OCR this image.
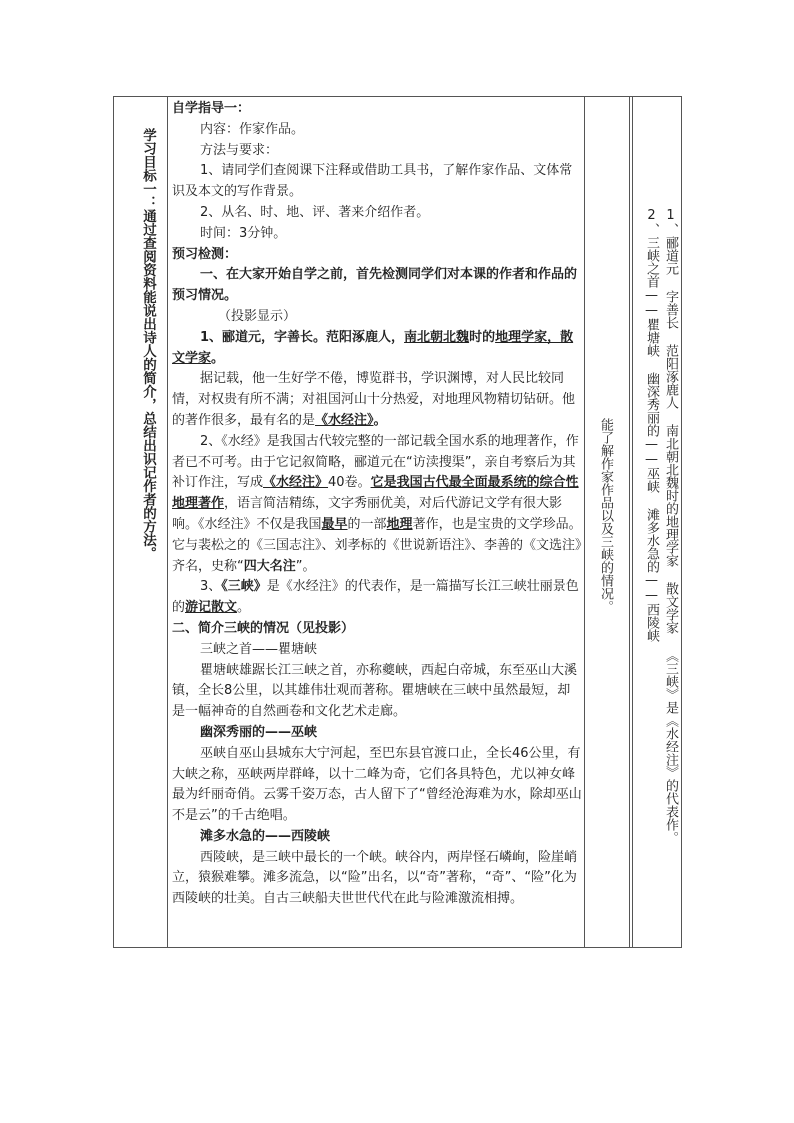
学习目标一：通过查阅资料能说出诗人的简介，总结出识记作者的方法。

自学指导一：

内容：作家作品。

方法与要求：

1、请同学们查阅课下注释或借助工具书，了解作家作品、文体常识及本文的写作背景。

2、从名、时、地、评、著来介绍作者。

时间：3分钟。

预习检测：

一、在大家开始自学之前，首先检测同学们对本课的作者和作品的预习情况。

（投影显示）

1、郦道元，字善长。范阳涿鹿人，南北朝北魏时的地理学家，散文学家。

据记载，他一生好学不倦，博览群书，学识渊博，对人民比较同情，对权贵有所不满；对祖国河山十分热爱，对地理风物精切钻研。他的著作很多，最有名的是《水经注》。

2、《水经》是我国古代较完整的一部记载全国水系的地理著作，作者已不可考。由于它记叙简略，郦道元在“访渎搜渠”，亲自考察后为其补订作注，写成《水经注》40卷。它是我国古代最全面最系统的综合性地理著作，语言简洁精练，文字秀丽优美，对后代游记文学有很大影响。《水经注》不仅是我国最早的一部地理著作，也是宝贵的文学珍品。它与裴松之的《三国志注》、刘孝标的《世说新语注》、李善的《文选注》齐名，史称“四大名注”。

3、《三峡》是《水经注》的代表作，是一篇描写长江三峡壮丽景色的游记散文。

二、简介三峡的情况（见投影）

三峡之首——瞿塘峡

瞿塘峡雄踞长江三峡之首，亦称夔峡，西起白帝城，东至巫山大溪镇，全长8公里，以其雄伟壮观而著称。瞿塘峡在三峡中虽然最短，却是一幅神奇的自然画卷和文化艺术走廊。

幽深秀丽的——巫峡

巫峡自巫山县城东大宁河起，至巴东县官渡口止，全长46公里，有大峡之称，巫峡两岸群峰，以十二峰为奇，它们各具特色，尤以神女峰最为纤丽奇俏。云雾千姿万态，古人留下了“曾经沧海难为水，除却巫山不是云”的千古绝唱。

滩多水急的——西陵峡

西陵峡，是三峡中最长的一个峡。峡谷内，两岸怪石嶙峋，险崖峭立，猿猴难攀。滩多流急，以“险”出名，以“奇”著称，“奇”、“险”化为西陵峡的壮美。自古三峡船夫世世代代在此与险滩激流相搏。

能了解作家作品以及三峡的情况。	1、郦道元 字善长 范阳涿鹿人 南北朝北魏时的地理学家 散文学家 《三峡》是《水经注》的代表作。
2、三峡之首——瞿塘峡 幽深秀丽的——巫峡 滩多水急的——西陵峡
